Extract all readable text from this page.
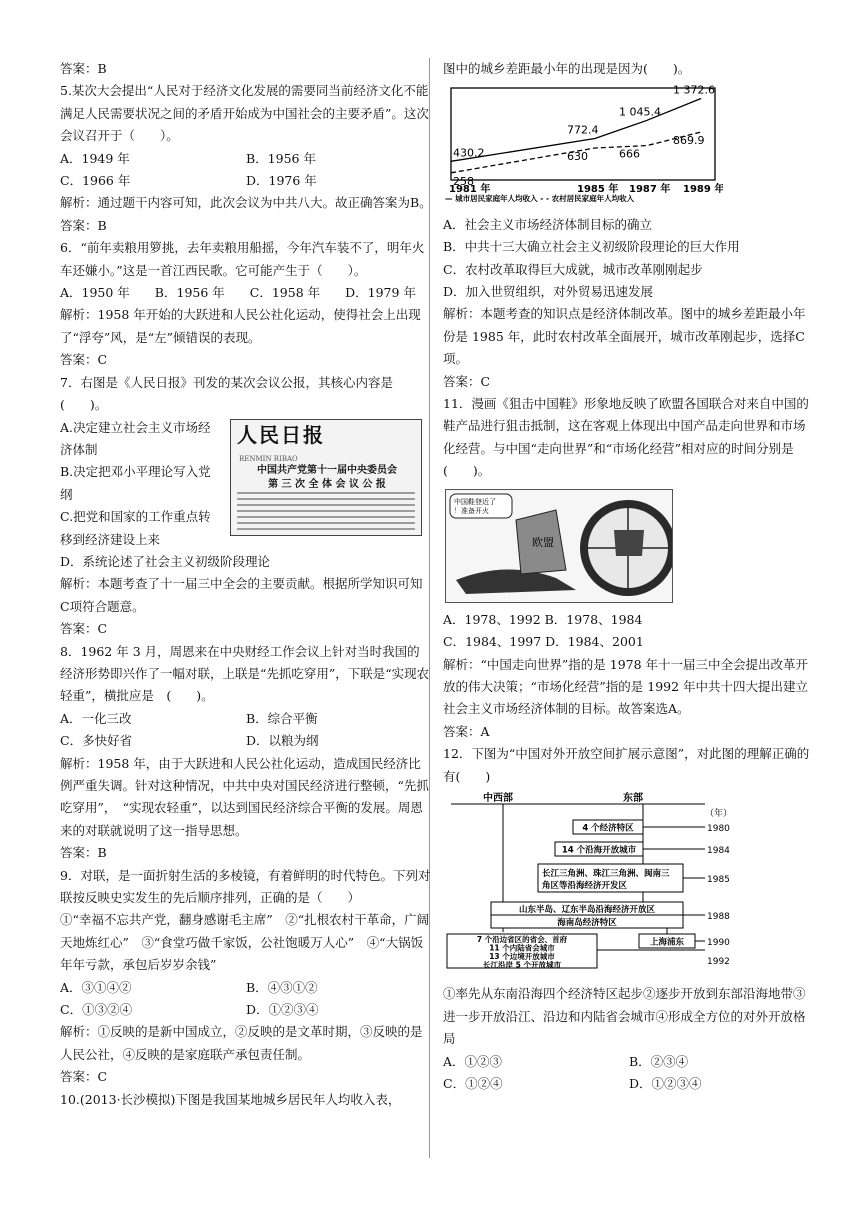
答案：B

5.某次大会提出“人民对于经济文化发展的需要同当前经济文化不能满足人民需要状况之间的矛盾开始成为中国社会的主要矛盾”。这次会议召开于（　　）。

A．1949 年	B．1956 年
C．1966 年	D．1976 年

解析：通过题干内容可知，此次会议为中共八大。故正确答案为B。

答案：B

6．“前年卖粮用箩挑，去年卖粮用船摇，今年汽车装不了，明年火车还嫌小。”这是一首江西民歌。它可能产生于（　　）。

A．1950 年　　B．1956 年　　C．1958 年　　D．1979 年

解析：1958 年开始的大跃进和人民公社化运动，使得社会上出现了“浮夸”风，是“左”倾错误的表现。

答案：C

7．右图是《人民日报》刊发的某次会议公报，其核心内容是(　　)。

A.决定建立社会主义市场经济体制

B.决定把邓小平理论写入党纲

C.把党和国家的工作重点转移到经济建设上来

人民日报
RENMIN RIBAO
中国共产党第十一届中央委员会
第 三 次 全 体 会 议 公 报

D．系统论述了社会主义初级阶段理论

解析：本题考查了十一届三中全会的主要贡献。根据所学知识可知C项符合题意。

答案：C

8．1962 年 3 月，周恩来在中央财经工作会议上针对当时我国的经济形势即兴作了一幅对联，上联是“先抓吃穿用”，下联是“实现农轻重”，横批应是　(　　)。

A．一化三改	B．综合平衡
C．多快好省	D．以粮为纲

解析：1958 年，由于大跃进和人民公社化运动，造成国民经济比例严重失调。针对这种情况，中共中央对国民经济进行整顿，“先抓吃穿用”，　“实现农轻重”，以达到国民经济综合平衡的发展。周恩来的对联就说明了这一指导思想。

答案：B

9．对联，是一面折射生活的多棱镜，有着鲜明的时代特色。下列对联按反映史实发生的先后顺序排列，正确的是（　　）

①“幸福不忘共产党，翻身感谢毛主席”　②“扎根农村干革命，广阔天地炼红心”　③“食堂巧做千家饭，公社饱暖万人心”　④“大锅饭年年亏款，承包后岁岁余钱”

A．③①④②	B．④③①②
C．①③②④	D．①②③④

解析：①反映的是新中国成立，②反映的是文革时期，③反映的是人民公社，④反映的是家庭联产承包责任制。

答案：C

10.(2013·长沙模拟)下图是我国某地城乡居民年人均收入表，

图中的城乡差距最小年的出现是因为(　　)。

430.2
772.4
1 045.4
1 372.6
258
630	666
869.9
1981 年	1985 年 1987 年 1989 年
— 城市居民家庭年人均收入 - - 农村居民家庭年人均收入

A．社会主义市场经济体制目标的确立

B．中共十三大确立社会主义初级阶段理论的巨大作用

C．农村改革取得巨大成就，城市改革刚刚起步

D．加入世贸组织，对外贸易迅速发展

解析：本题考查的知识点是经济体制改革。图中的城乡差距最小年份是 1985 年，此时农村改革全面展开，城市改革刚起步，选择C项。

答案：C

11．漫画《狙击中国鞋》形象地反映了欧盟各国联合对来自中国的鞋产品进行狙击抵制，这在客观上体现出中国产品走向世界和市场化经营。与中国“走向世界”和“市场化经营”相对应的时间分别是(　　)。

中国鞋登近了！准备开火
欧盟

A．1978、1992 B．1978、1984

C．1984、1997 D．1984、2001

解析：“中国走向世界”指的是 1978 年十一届三中全会提出改革开放的伟大决策；“市场化经营”指的是 1992 年中共十四大提出建立社会主义市场经济体制的目标。故答案选A。

答案：A

12．下图为“中国对外开放空间扩展示意图”，对此图的理解正确的有(　　)

中西部	东部
（年）
4 个经济特区	1980
14 个沿海开放城市	1984
长江三角洲、珠江三角洲、闽南三
角区等沿海经济开发区
1985
山东半岛、辽东半岛沿海经济开放区
海南岛经济特区
1988
上海浦东	1990
7 个沿边省区的省会、首府
11 个内陆省会城市
13 个边境开放城市
长江沿岸 5 个开放城市	1992

①率先从东南沿海四个经济特区起步②逐步开放到东部沿海地带③进一步开放沿江、沿边和内陆省会城市④形成全方位的对外开放格局

A．①②③	B．②③④
C．①②④	D．①②③④
